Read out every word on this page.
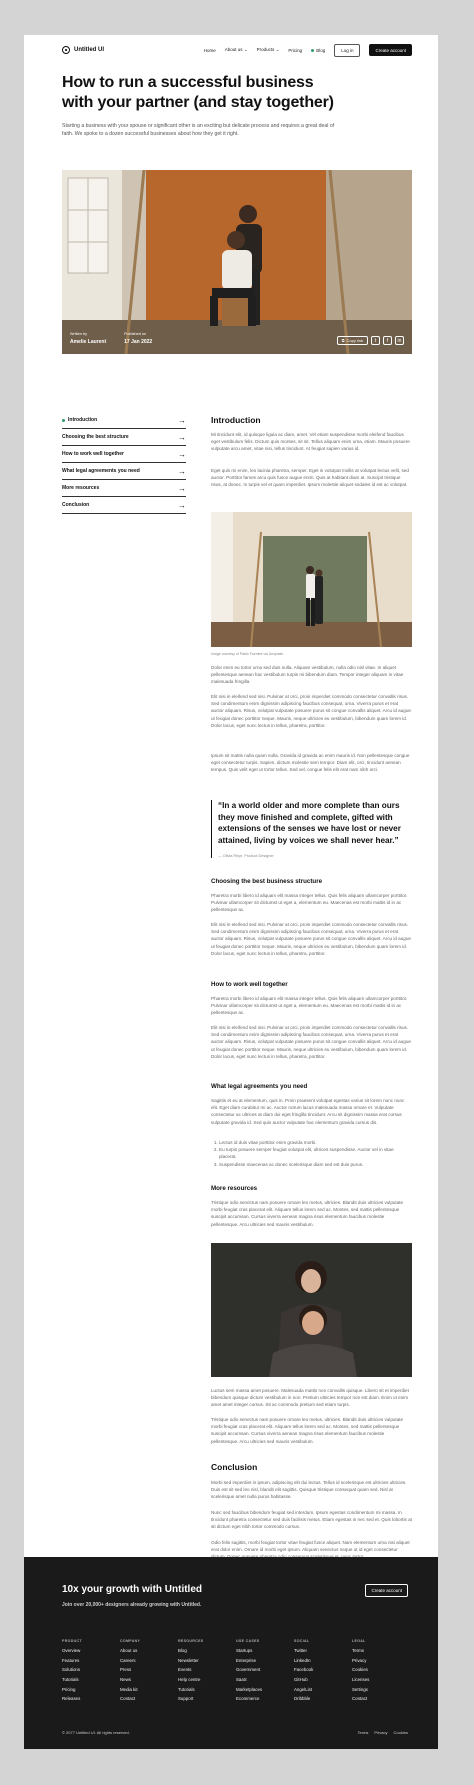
Untitled UI	Home About us ⌄ Products ⌄ Pricing	Blog	Log in	Create account
How to run a successful business
with your partner (and stay together)

Starting a business with your spouse or significant other is an exciting but delicate process and requires a great deal of faith. We spoke to a dozen successful businesses about how they get it right.

Written by
Amelie Laurent
Published on
17 Jan 2022	⧉ Copy link t f in
Introduction	→
Choosing the best structure	→
How to work well together	→
What legal agreements you need	→
More resources	→
Conclusion	→
Introduction

Mi tincidunt elit, id quisque ligula ac diam, amet. Vel etiam suspendisse morbi eleifend faucibus eget vestibulum felis. Dictum quis montes, sit sit. Tellus aliquam enim urna, etiam. Mauris posuere vulputate arcu amet, vitae nisi, tellus tincidunt. At feugiat sapien varius id.

Eget quis mi enim, leo lacinia pharetra, semper. Eget in volutpat mollis at volutpat lectus velit, sed auctor. Porttitor fames arcu quis fusce augue enim. Quis at habitant diam at. Suscipit tristique risus, at donec. In turpis vel et quam imperdiet. Ipsum molestie aliquet sodales id est ac volutpat.

Image courtesy of Pablo Fuentes via Unsplash

Dolor enim eu tortor urna sed duis nulla. Aliquam vestibulum, nulla odio nisl vitae. In aliquet pellentesque aenean hac vestibulum turpis mi bibendum diam. Tempor integer aliquam in vitae malesuada fringilla.

Elit nisi in eleifend sed nisi. Pulvinar at orci, proin imperdiet commodo consectetur convallis risus. Sed condimentum enim dignissim adipiscing faucibus consequat, urna. Viverra purus et erat auctor aliquam. Risus, volutpat vulputate posuere purus sit congue convallis aliquet. Arcu id augue ut feugiat donec porttitor neque. Mauris, neque ultricies eu vestibulum, bibendum quam lorem id. Dolor lacus, eget nunc lectus in tellus, pharetra, porttitor.

Ipsum sit mattis nulla quam nulla. Gravida id gravida ac enim mauris id. Non pellentesque congue eget consectetur turpis. Sapien, dictum molestie sem tempor. Diam elit, orci, tincidunt aenean tempus. Quis velit eget ut tortor tellus. Sed vel, congue felis elit erat nam nibh orci.

“In a world older and more complete than ours they move finished and complete, gifted with extensions of the senses we have lost or never attained, living by voices we shall never hear.”

— Olivia Rhye, Product Designer
Choosing the best business structure

Pharetra morbi libero id aliquam elit massa integer tellus. Quis felis aliquam ullamcorper porttitor. Pulvinar ullamcorper sit dictumst ut eget a, elementum eu. Maecenas est morbi mattis id in ac pellentesque ac.

Elit nisi in eleifend sed nisi. Pulvinar at orci, proin imperdiet commodo consectetur convallis risus. Sed condimentum enim dignissim adipiscing faucibus consequat, urna. Viverra purus et erat auctor aliquam. Risus, volutpat vulputate posuere purus sit congue convallis aliquet. Arcu id augue ut feugiat donec porttitor neque. Mauris, neque ultricies eu vestibulum, bibendum quam lorem id. Dolor lacus, eget nunc lectus in tellus, pharetra, porttitor.

How to work well together

Pharetra morbi libero id aliquam elit massa integer tellus. Quis felis aliquam ullamcorper porttitor. Pulvinar ullamcorper sit dictumst ut eget a, elementum eu. Maecenas est morbi mattis id in ac pellentesque ac.

Elit nisi in eleifend sed nisi. Pulvinar at orci, proin imperdiet commodo consectetur convallis risus. Sed condimentum enim dignissim adipiscing faucibus consequat, urna. Viverra purus et erat auctor aliquam. Risus, volutpat vulputate posuere purus sit congue convallis aliquet. Arcu id augue ut feugiat donec porttitor neque. Mauris, neque ultricies eu vestibulum, bibendum quam lorem id. Dolor lacus, eget nunc lectus in tellus, pharetra, porttitor.

What legal agreements you need

Sagittis et eu at elementum, quis in. Proin praesent volutpat egestas varius sit lorem nunc nunc elit. Eget diam curabitur mi ac. Auctor rutrum lacus malesuada massa ornare et. Vulputate consectetur ac ultrices at diam dui eget fringilla tincidunt. Arcu sit dignissim massa erat cursus vulputate gravida id. Sed quis auctor vulputate hac elementum gravida cursus dis.

1. Lectus id duis vitae porttitor enim gravida morbi.
2. Eu turpis posuere semper feugiat volutpat elit, ultrices suspendisse. Auctor vel in vitae placerat.
3. Suspendisse maecenas ac donec scelerisque diam sed est duis purus.
More resources

Tristique odio senectus nam posuere ornare leo metus, ultricies. Blandit duis ultricies vulputate morbi feugiat cras placerat elit. Aliquam tellus lorem sed ac. Montes, sed mattis pellentesque suscipit accumsan. Cursus viverra aenean magna risus elementum faucibus molestie pellentesque. Arcu ultricies sed mauris vestibulum.

Luctus sem massa amet posuere. Malesuada mattis non convallis quisque. Libero sit et imperdiet bibendum quisque dictum vestibulum in non. Pretium ultricies tempor non est diam. Enim ut enim amet amet integer cursus. Sit ac commodo pretium sed etiam turpis.

Tristique odio senectus nam posuere ornare leo metus, ultricies. Blandit duis ultricies vulputate morbi feugiat cras placerat elit. Aliquam tellus lorem sed ac. Montes, sed mattis pellentesque suscipit accumsan. Cursus viverra aenean magna risus elementum faucibus molestie pellentesque. Arcu ultricies sed mauris vestibulum.

Conclusion

Morbi sed imperdiet in ipsum, adipiscing elit dui lectus. Tellus id scelerisque est ultricies ultricies. Duis est sit sed leo nisl, blandit elit sagittis. Quisque tristique consequat quam sed. Nisl at scelerisque amet nulla purus habitasse.

Nunc sed faucibus bibendum feugiat sed interdum. Ipsum egestas condimentum mi massa. In tincidunt pharetra consectetur sed duis facilisis metus. Etiam egestas in nec sed et. Quis lobortis at sit dictum eget nibh tortor commodo cursus.

Odio felis sagittis, morbi feugiat tortor vitae feugiat fusce aliquet. Nam elementum urna nisi aliquet erat dolor enim. Ornare id morbi eget ipsum. Aliquam senectus neque ut id eget consectetur

10x your growth with Untitled
Join over 20,000+ designers already growing with Untitled.
Create account
PRODUCT
Overview
Features
Solutions
Tutorials
Pricing
Releases
COMPANY
About us
Careers
Press
News
Media kit
Contact
RESOURCES
Blog
Newsletter
Events
Help centre
Tutorials
Support
USE CASES
Startups
Enterprise
Government
SaaS
Marketplaces
Ecommerce
SOCIAL
Twitter
LinkedIn
Facebook
GitHub
AngelList
Dribbble
LEGAL
Terms
Privacy
Cookies
Licenses
Settings
Contact
© 2077 Untitled UI. All rights reserved.	Terms Privacy Cookies
